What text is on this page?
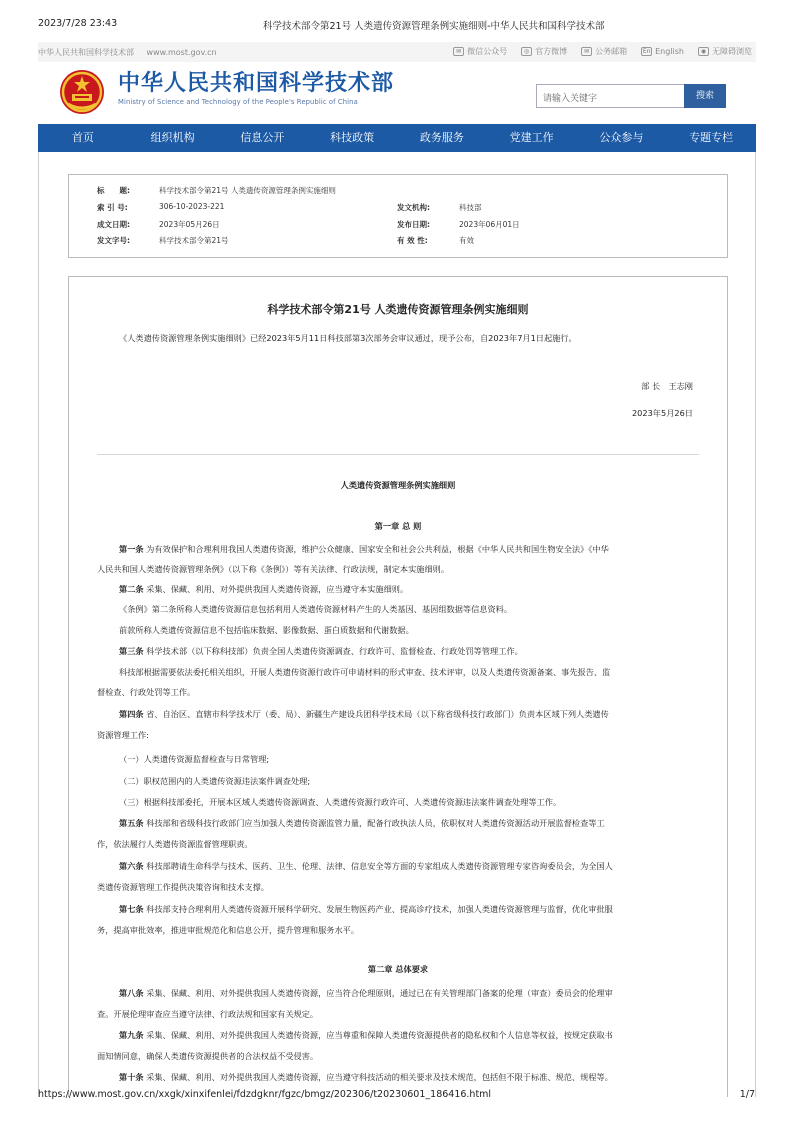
2023/7/28 23:43	科学技术部令第21号 人类遗传资源管理条例实施细则-中华人民共和国科学技术部
中华人民共和国科学技术部 www.most.gov.cn	✉ 微信公众号	◎ 官方微博	✉ 公务邮箱	En English	◉ 无障碍浏览
中华人民共和国科学技术部
Ministry of Science and Technology of the People's Republic of China	请输入关键字	搜索
首页	组织机构	信息公开	科技政策	政务服务	党建工作	公众参与	专题专栏
标　　题:	科学技术部令第21号 人类遗传资源管理条例实施细则
索 引 号:	306-10-2023-221	发文机构:	科技部
成文日期:	2023年05月26日	发布日期:	2023年06月01日
发文字号:	科学技术部令第21号	有 效 性:	有效
科学技术部令第21号 人类遗传资源管理条例实施细则
《人类遗传资源管理条例实施细则》已经2023年5月11日科技部第3次部务会审议通过，现予公布，自2023年7月1日起施行。
部 长　王志刚
2023年5月26日
人类遗传资源管理条例实施细则
第一章 总 则
第一条 为有效保护和合理利用我国人类遗传资源，维护公众健康、国家安全和社会公共利益，根据《中华人民共和国生物安全法》《中华
人民共和国人类遗传资源管理条例》（以下称《条例》）等有关法律、行政法规，制定本实施细则。
第二条 采集、保藏、利用、对外提供我国人类遗传资源，应当遵守本实施细则。
《条例》第二条所称人类遗传资源信息包括利用人类遗传资源材料产生的人类基因、基因组数据等信息资料。
前款所称人类遗传资源信息不包括临床数据、影像数据、蛋白质数据和代谢数据。
第三条 科学技术部（以下称科技部）负责全国人类遗传资源调查、行政许可、监督检查、行政处罚等管理工作。
科技部根据需要依法委托相关组织，开展人类遗传资源行政许可申请材料的形式审查、技术评审，以及人类遗传资源备案、事先报告、监
督检查、行政处罚等工作。
第四条 省、自治区、直辖市科学技术厅（委、局）、新疆生产建设兵团科学技术局（以下称省级科技行政部门）负责本区域下列人类遗传
资源管理工作:
（一）人类遗传资源监督检查与日常管理;
（二）职权范围内的人类遗传资源违法案件调查处理;
（三）根据科技部委托，开展本区域人类遗传资源调查、人类遗传资源行政许可、人类遗传资源违法案件调查处理等工作。
第五条 科技部和省级科技行政部门应当加强人类遗传资源监管力量，配备行政执法人员，依职权对人类遗传资源活动开展监督检查等工
作，依法履行人类遗传资源监督管理职责。
第六条 科技部聘请生命科学与技术、医药、卫生、伦理、法律、信息安全等方面的专家组成人类遗传资源管理专家咨询委员会，为全国人
类遗传资源管理工作提供决策咨询和技术支撑。
第七条 科技部支持合理利用人类遗传资源开展科学研究、发展生物医药产业、提高诊疗技术，加强人类遗传资源管理与监督，优化审批服
务，提高审批效率，推进审批规范化和信息公开，提升管理和服务水平。
第二章 总体要求
第八条 采集、保藏、利用、对外提供我国人类遗传资源，应当符合伦理原则，通过已在有关管理部门备案的伦理（审查）委员会的伦理审
查。开展伦理审查应当遵守法律、行政法规和国家有关规定。
第九条 采集、保藏、利用、对外提供我国人类遗传资源，应当尊重和保障人类遗传资源提供者的隐私权和个人信息等权益，按规定获取书
面知情同意，确保人类遗传资源提供者的合法权益不受侵害。
第十条 采集、保藏、利用、对外提供我国人类遗传资源，应当遵守科技活动的相关要求及技术规范，包括但不限于标准、规范、规程等。
https://www.most.gov.cn/xxgk/xinxifenlei/fdzdgknr/fgzc/bmgz/202306/t20230601_186416.html	1/7
